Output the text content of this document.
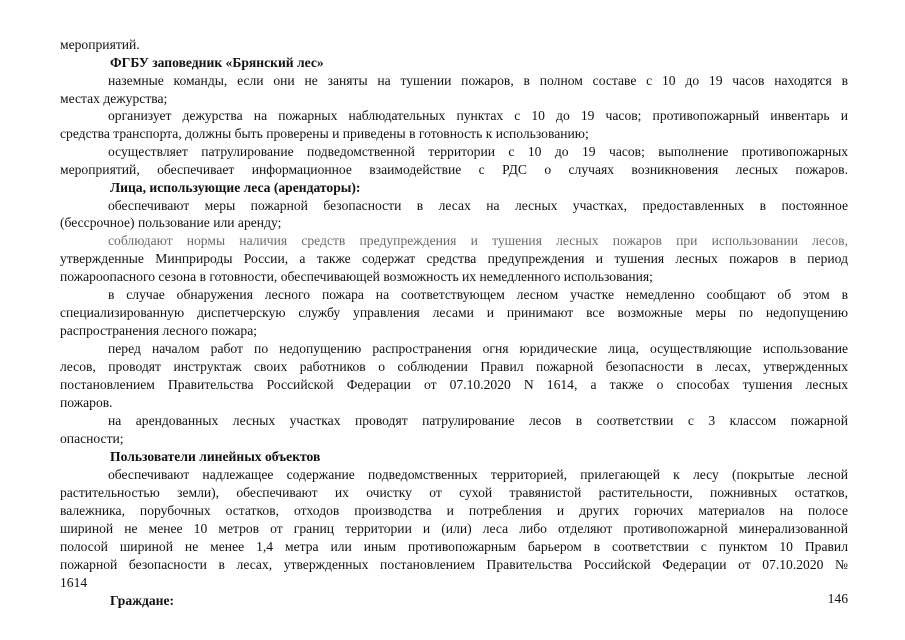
мероприятий.
ФГБУ заповедник «Брянский лес»
наземные команды, если они не заняты на тушении пожаров, в полном составе с 10 до 19 часов находятся в
местах дежурства;
организует дежурства на пожарных наблюдательных пунктах с 10 до 19 часов; противопожарный инвентарь и
средства транспорта, должны быть проверены и приведены в готовность к использованию;
осуществляет патрулирование подведомственной территории с 10 до 19 часов; выполнение противопожарных
мероприятий, обеспечивает информационное взаимодействие с РДС о случаях возникновения лесных пожаров.
Лица, использующие леса (арендаторы):
обеспечивают меры пожарной безопасности в лесах на лесных участках, предоставленных в постоянное
(бессрочное) пользование или аренду;
соблюдают нормы наличия средств предупреждения и тушения лесных пожаров при использовании лесов,
утвержденные Минприроды России, а также содержат средства предупреждения и тушения лесных пожаров в период
пожароопасного сезона в готовности, обеспечивающей возможность их немедленного использования;
в случае обнаружения лесного пожара на соответствующем лесном участке немедленно сообщают об этом в
специализированную диспетчерскую службу управления лесами и принимают все возможные меры по недопущению
распространения лесного пожара;
перед началом работ по недопущению распространения огня юридические лица, осуществляющие использование
лесов, проводят инструктаж своих работников о соблюдении Правил пожарной безопасности в лесах, утвержденных
постановлением Правительства Российской Федерации от 07.10.2020 N 1614, а также о способах тушения лесных
пожаров.
на арендованных лесных участках проводят патрулирование лесов в соответствии с 3 классом пожарной
опасности;
Пользователи линейных объектов
обеспечивают надлежащее содержание подведомственных территорией, прилегающей к лесу (покрытые лесной
растительностью земли), обеспечивают их очистку от сухой травянистой растительности, пожнивных остатков,
валежника, порубочных остатков, отходов производства и потребления и других горючих материалов на полосе
шириной не менее 10 метров от границ территории и (или) леса либо отделяют противопожарной минерализованной
полосой шириной не менее 1,4 метра или иным противопожарным барьером в соответствии с пунктом 10 Правил
пожарной безопасности в лесах, утвержденных постановлением Правительства Российской Федерации от 07.10.2020 №
1614
Граждане:	146
